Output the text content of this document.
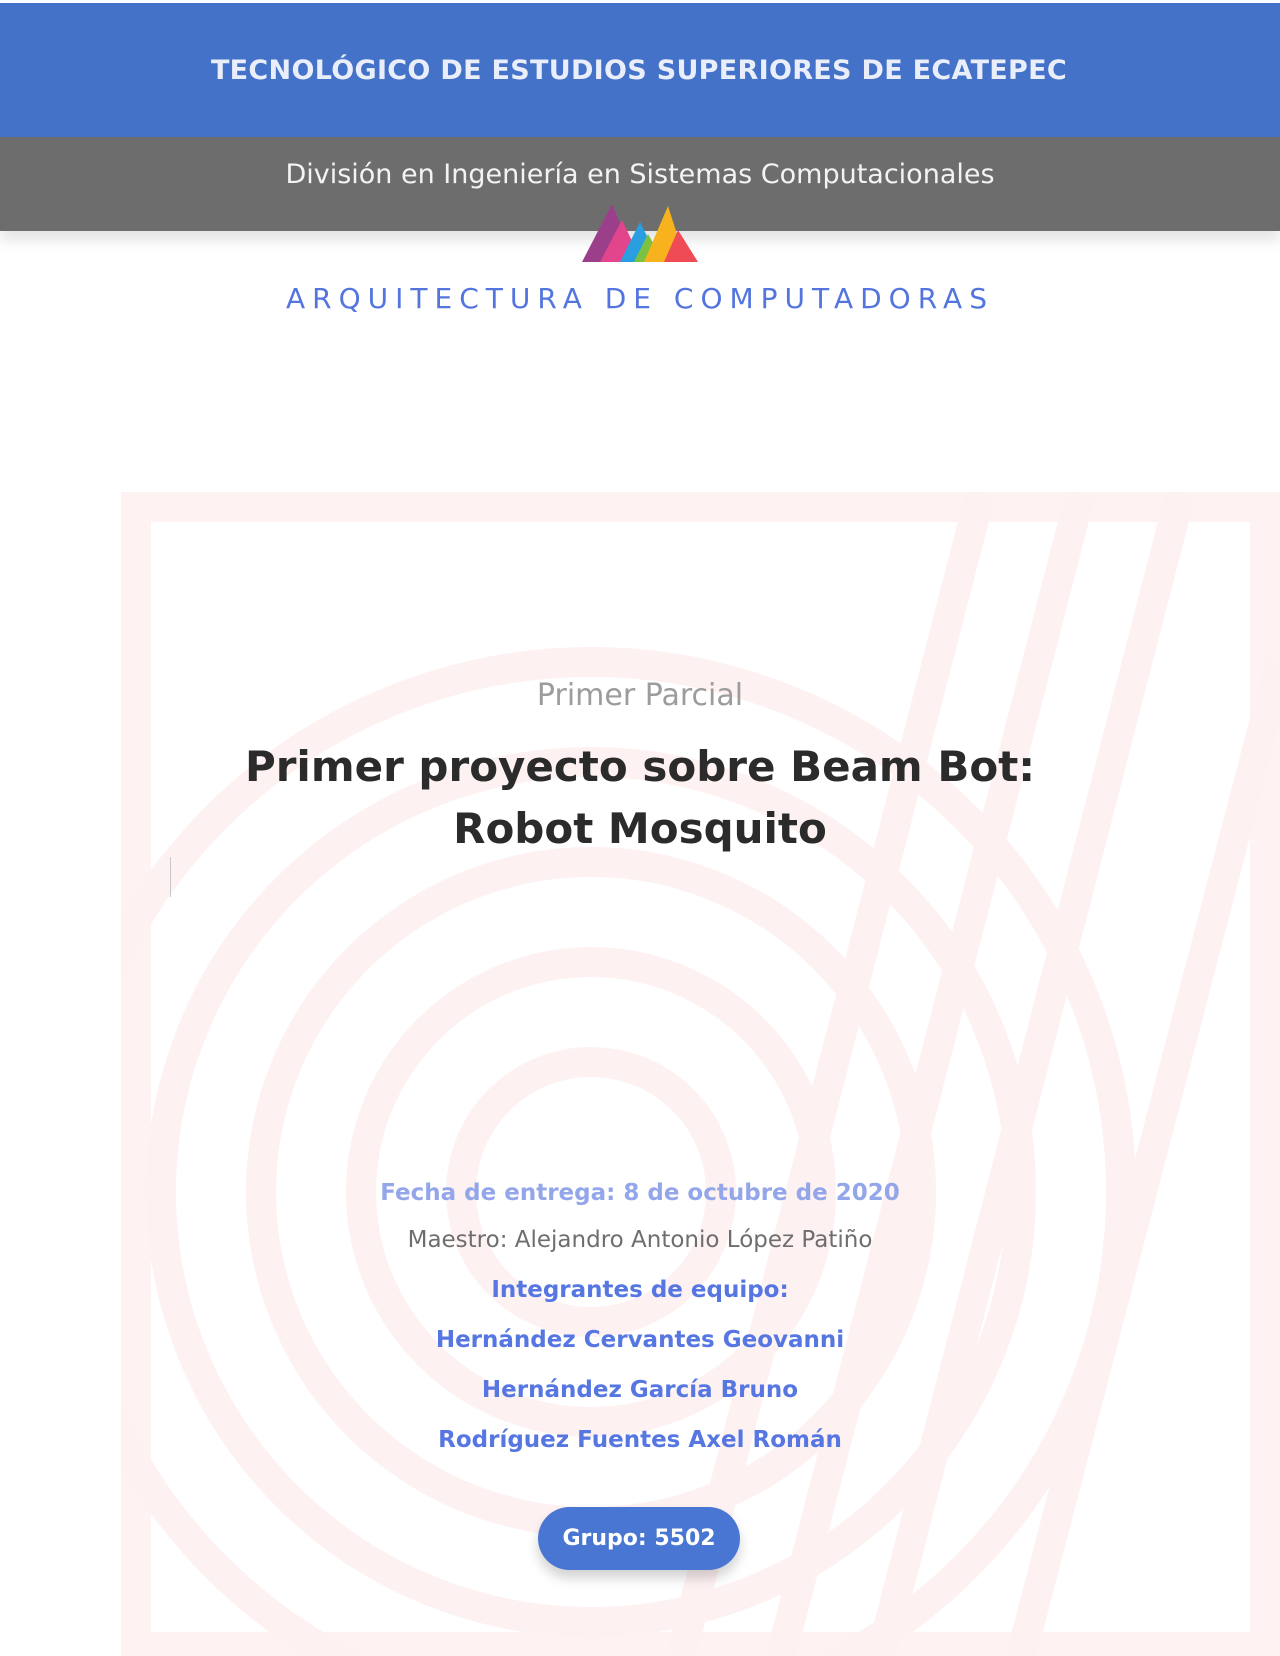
TECNOLÓGICO DE ESTUDIOS SUPERIORES DE ECATEPEC
División en Ingeniería en Sistemas Computacionales
ARQUITECTURA DE COMPUTADORAS
Primer Parcial
Primer proyecto sobre Beam Bot: Robot Mosquito
Fecha de entrega: 8 de octubre de 2020
Maestro: Alejandro Antonio López Patiño
Integrantes de equipo:
Hernández Cervantes Geovanni
Hernández García Bruno
Rodríguez Fuentes Axel Román
Grupo: 5502
